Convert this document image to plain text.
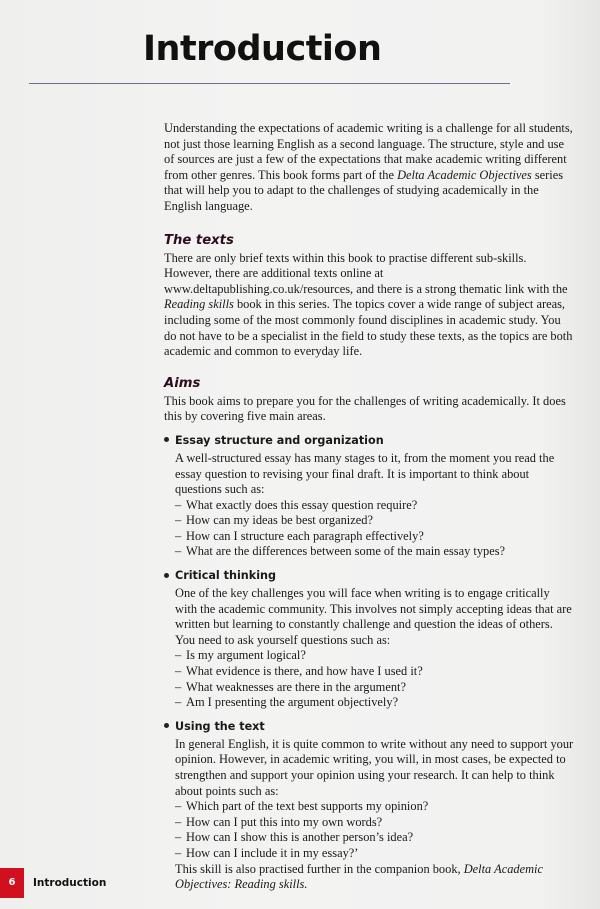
Introduction

Understanding the expectations of academic writing is a challenge for all students, not just those learning English as a second language. The structure, style and use of sources are just a few of the expectations that make academic writing different from other genres. This book forms part of the Delta Academic Objectives series that will help you to adapt to the challenges of studying academically in the English language.

The texts

There are only brief texts within this book to practise different sub-skills. However, there are additional texts online at www.deltapublishing.co.uk/resources, and there is a strong thematic link with the Reading skills book in this series. The topics cover a wide range of subject areas, including some of the most commonly found disciplines in academic study. You do not have to be a specialist in the field to study these texts, as the topics are both academic and common to everyday life.

Aims

This book aims to prepare you for the challenges of writing academically. It does this by covering five main areas.

Essay structure and organization

A well-structured essay has many stages to it, from the moment you read the essay question to revising your final draft. It is important to think about questions such as:

– What exactly does this essay question require?
– How can my ideas be best organized?
– How can I structure each paragraph effectively?
– What are the differences between some of the main essay types?
Critical thinking

One of the key challenges you will face when writing is to engage critically with the academic community. This involves not simply accepting ideas that are written but learning to constantly challenge and question the ideas of others. You need to ask yourself questions such as:

– Is my argument logical?
– What evidence is there, and how have I used it?
– What weaknesses are there in the argument?
– Am I presenting the argument objectively?
Using the text

In general English, it is quite common to write without any need to support your opinion. However, in academic writing, you will, in most cases, be expected to strengthen and support your opinion using your research. It can help to think about points such as:

– Which part of the text best supports my opinion?
– How can I put this into my own words?
– How can I show this is another person’s idea?
– How can I include it in my essay?’

This skill is also practised further in the companion book, Delta Academic Objectives: Reading skills.

6	Introduction
